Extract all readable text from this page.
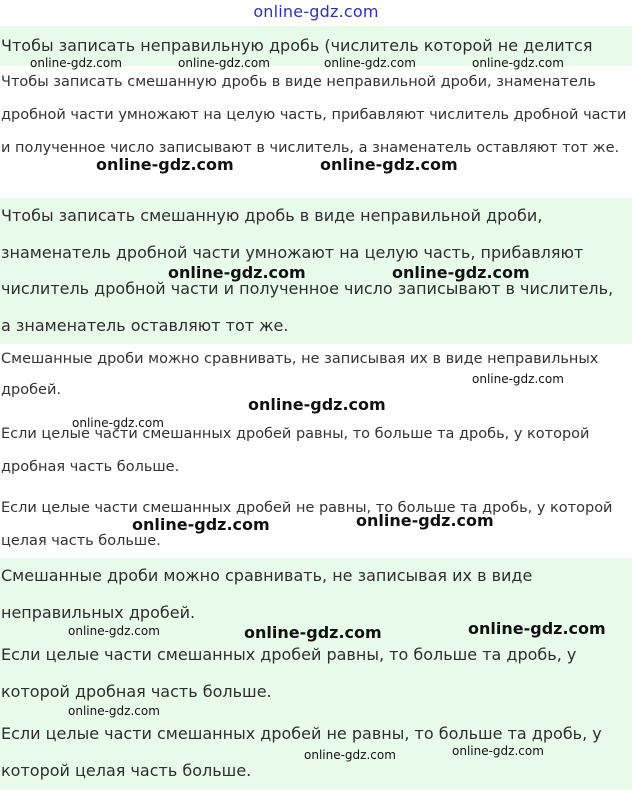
online-gdz.com

Чтобы записать неправильную дробь (числитель которой не делится

Чтобы записать смешанную дробь в виде неправильной дроби, знаменатель дробной части умножают на целую часть, прибавляют числитель дробной части и полученное число записывают в числитель, а знаменатель оставляют тот же.

Чтобы записать смешанную дробь в виде неправильной дроби, знаменатель дробной части умножают на целую часть, прибавляют числитель дробной части и полученное число записывают в числитель, а знаменатель оставляют тот же.

Смешанные дроби можно сравнивать, не записывая их в виде неправильных дробей.

Если целые части смешанных дробей равны, то больше та дробь, у которой дробная часть больше.

Если целые части смешанных дробей не равны, то больше та дробь, у которой целая часть больше.

Смешанные дроби можно сравнивать, не записывая их в виде неправильных дробей.

Если целые части смешанных дробей равны, то больше та дробь, у которой дробная часть больше.

Если целые части смешанных дробей не равны, то больше та дробь, у которой целая часть больше.

online-gdz.com	online-gdz.com	online-gdz.com	online-gdz.com
online-gdz.com	online-gdz.com
online-gdz.com	online-gdz.com
online-gdz.com
online-gdz.com
online-gdz.com
online-gdz.com
online-gdz.com
online-gdz.com
online-gdz.com	online-gdz.com
online-gdz.com
online-gdz.com
online-gdz.com
